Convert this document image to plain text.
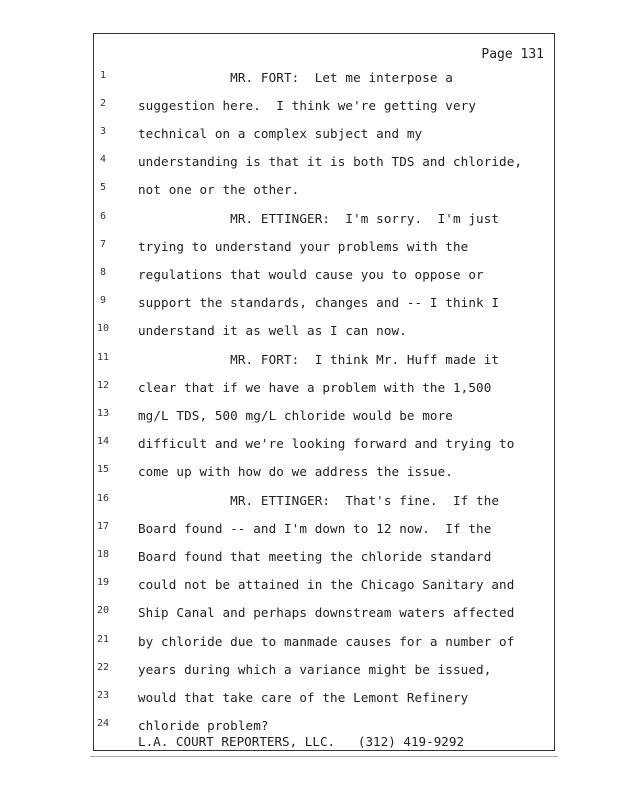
Page 131
1	MR. FORT:  Let me interpose a
2	suggestion here.  I think we're getting very
3	technical on a complex subject and my
4	understanding is that it is both TDS and chloride,
5	not one or the other.
6	MR. ETTINGER:  I'm sorry.  I'm just
7	trying to understand your problems with the
8	regulations that would cause you to oppose or
9	support the standards, changes and -- I think I
10 understand it as well as I can now.
11 MR. FORT:  I think Mr. Huff made it
12 clear that if we have a problem with the 1,500
13 mg/L TDS, 500 mg/L chloride would be more
14 difficult and we're looking forward and trying to
15 come up with how do we address the issue.
16 MR. ETTINGER:  That's fine.  If the
17 Board found -- and I'm down to 12 now.  If the
18 Board found that meeting the chloride standard
19 could not be attained in the Chicago Sanitary and
20 Ship Canal and perhaps downstream waters affected
21 by chloride due to manmade causes for a number of
22 years during which a variance might be issued,
23 would that take care of the Lemont Refinery
24 chloride problem?
L.A. COURT REPORTERS, LLC.   (312) 419-9292
